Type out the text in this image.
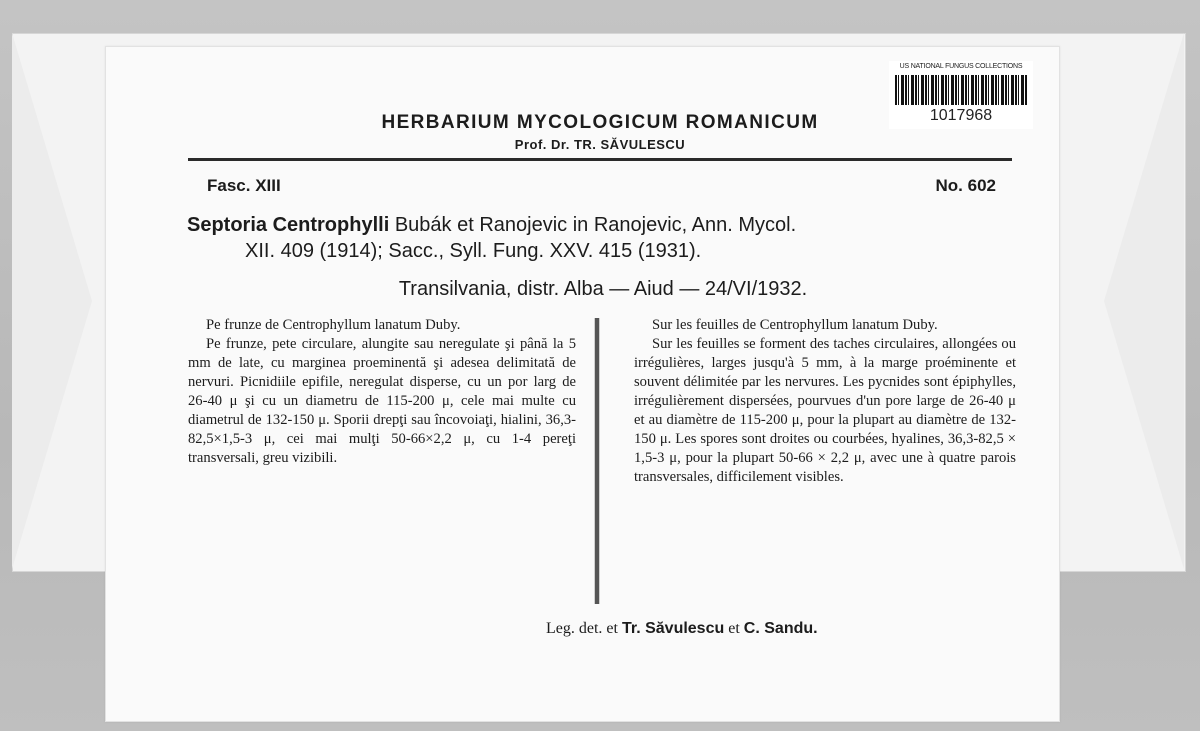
US NATIONAL FUNGUS COLLECTIONS
1017968
HERBARIUM MYCOLOGICUM ROMANICUM
Prof. Dr. TR. SĂVULESCU
Fasc. XIII	No. 602
Septoria Centrophylli Bubák et Ranojevic in Ranojevic, Ann. Mycol.
XII. 409 (1914); Sacc., Syll. Fung. XXV. 415 (1931).
Transilvania, distr. Alba — Aiud — 24/VI/1932.

Pe frunze de Centrophyllum lanatum Duby.

Pe frunze, pete circulare, alungite sau neregulate şi până la 5 mm de late, cu marginea proeminentă şi adesea delimitată de nervuri. Picnidiile epifile, neregulat disperse, cu un por larg de 26-40 μ şi cu un diametru de 115-200 μ, cele mai multe cu diametrul de 132-150 μ. Sporii drepţi sau încovoiaţi, hialini, 36,3-82,5×1,5-3 μ, cei mai mulţi 50-66×2,2 μ, cu 1-4 pereţi transversali, greu vizibili.

Sur les feuilles de Centrophyllum lanatum Duby.

Sur les feuilles se forment des taches circulaires, allongées ou irrégulières, larges jusqu'à 5 mm, à la marge proéminente et souvent délimitée par les nervures. Les pycnides sont épiphylles, irrégulièrement dispersées, pourvues d'un pore large de 26-40 μ et au diamètre de 115-200 μ, pour la plupart au diamètre de 132-150 μ. Les spores sont droites ou courbées, hyalines, 36,3-82,5 × 1,5-3 μ, pour la plupart 50-66 × 2,2 μ, avec une à quatre parois transversales, difficilement visibles.

Leg. det. et Tr. Săvulescu et C. Sandu.
